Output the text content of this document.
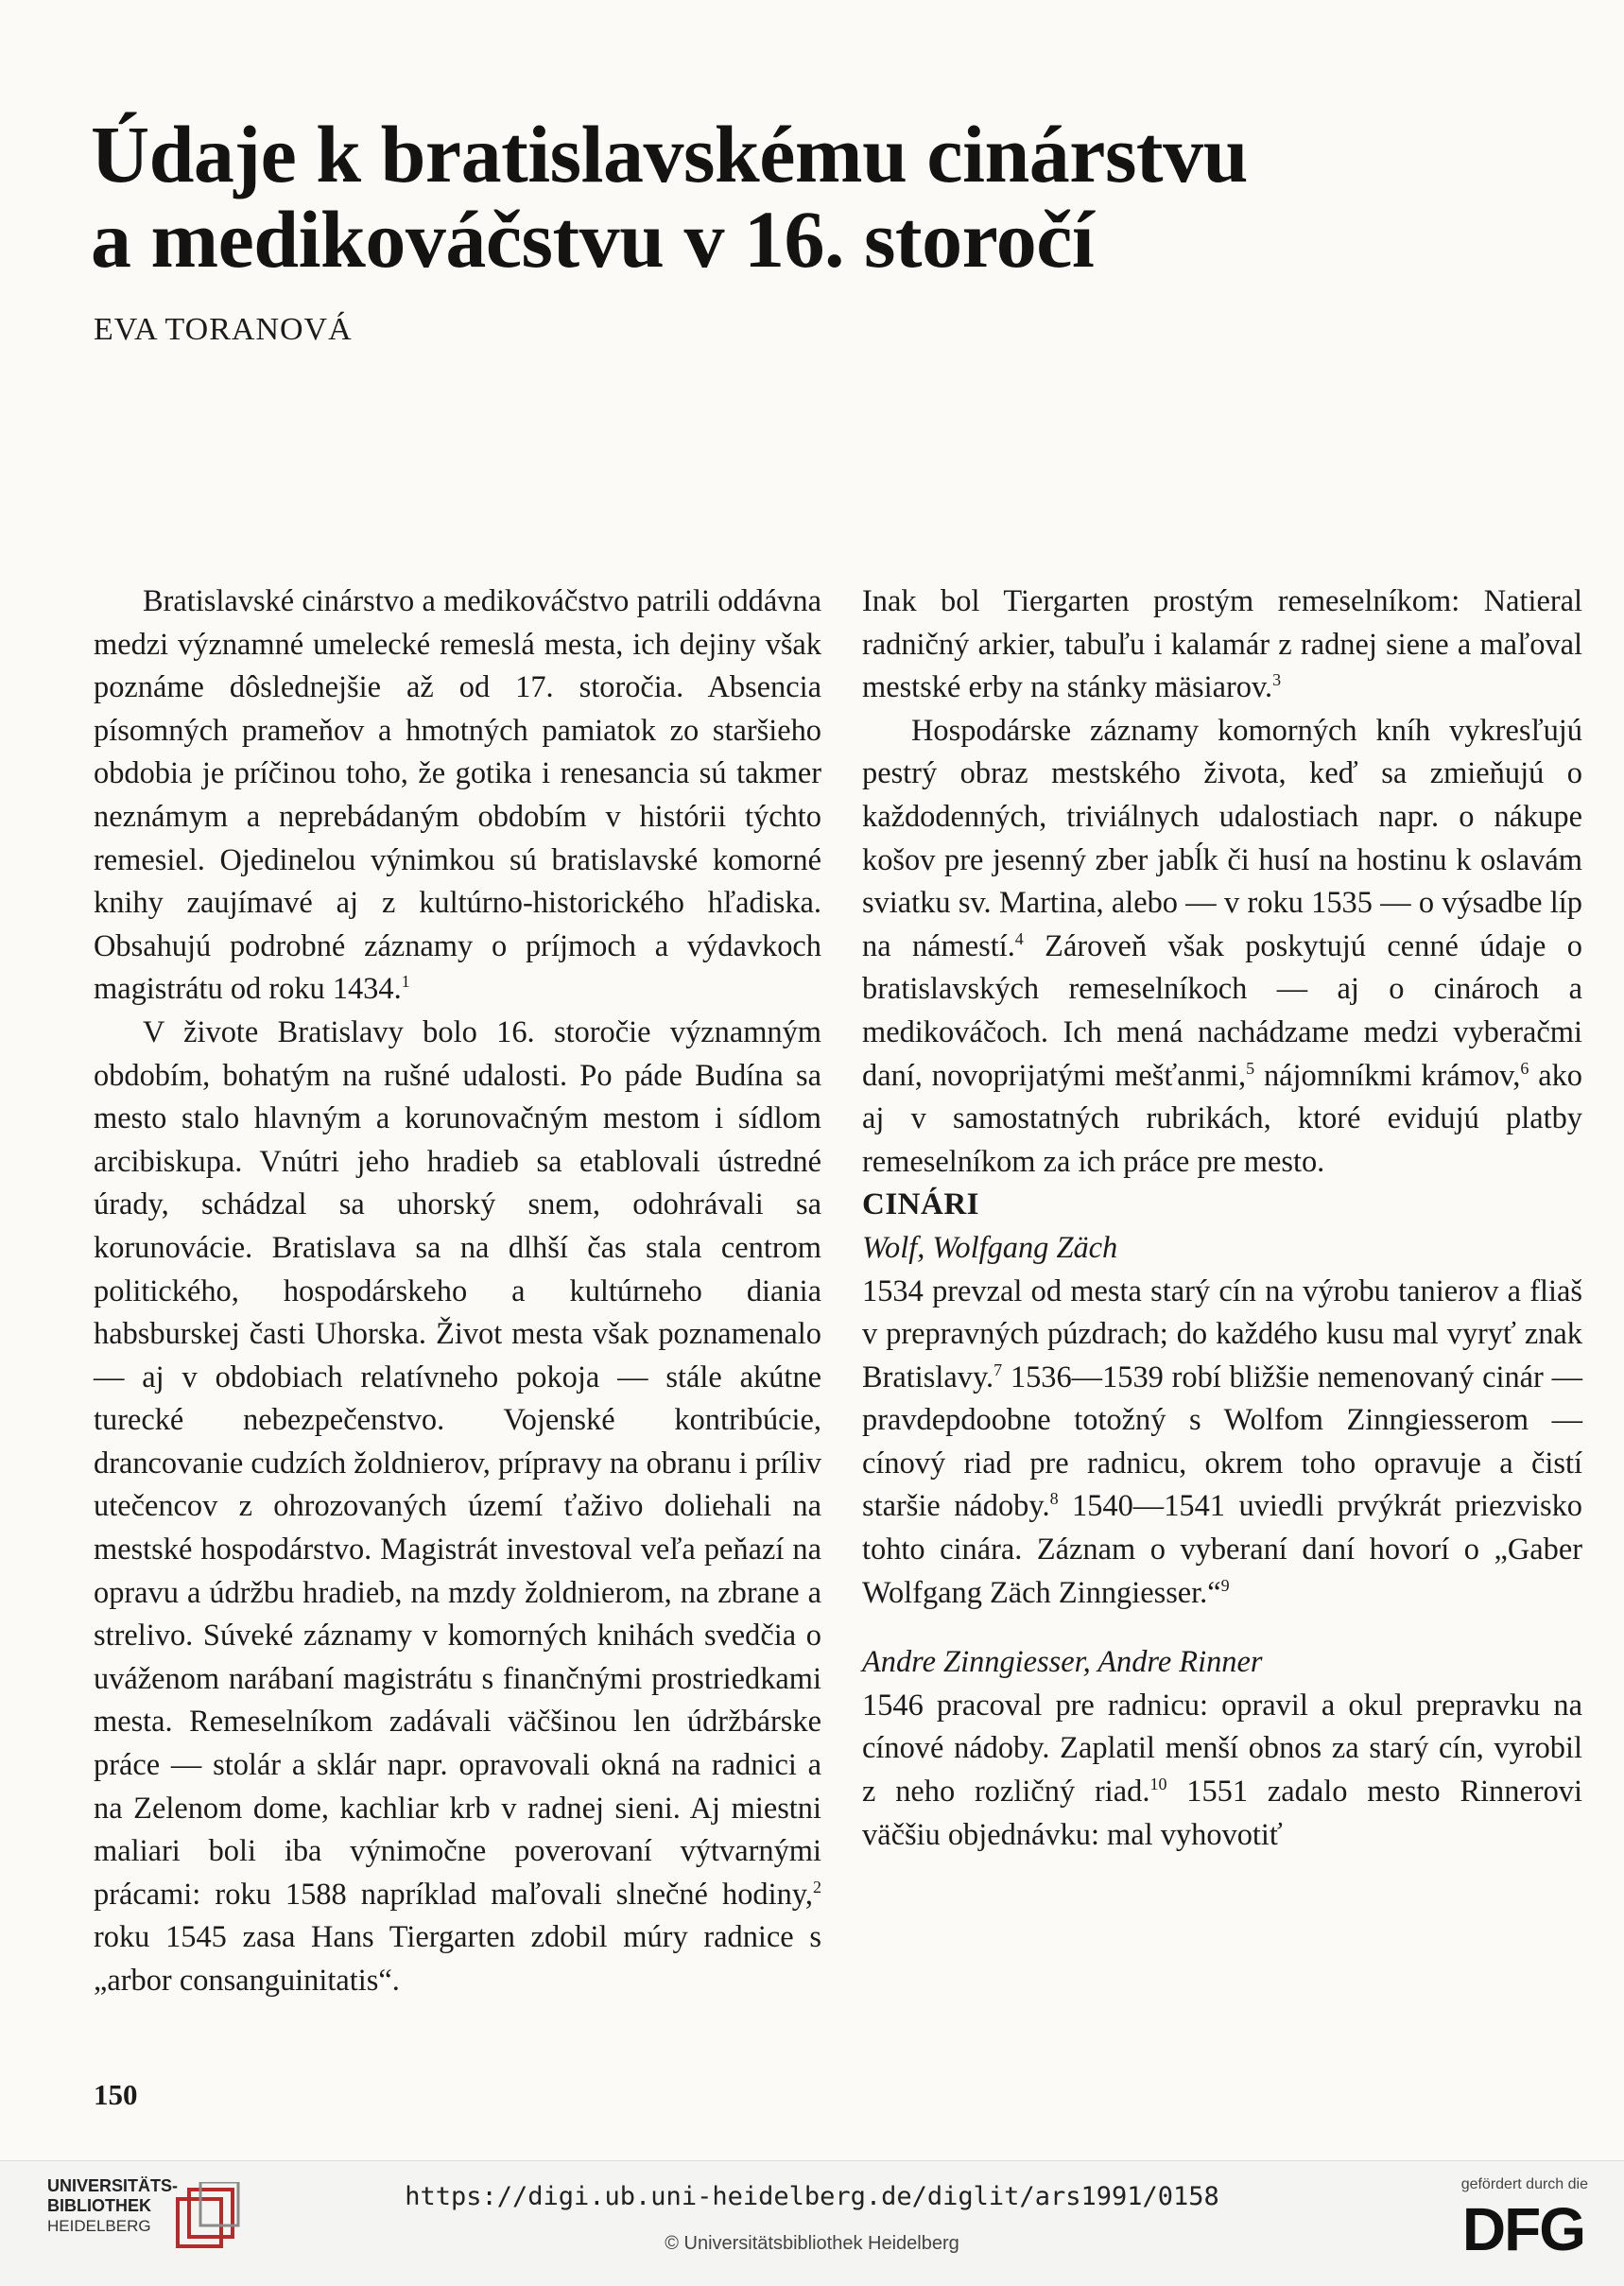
Údaje k bratislavskému cinárstvu
a medikováčstvu v 16. storočí
EVA TORANOVÁ

Bratislavské cinárstvo a medikováčstvo patrili oddávna medzi významné umelecké remeslá mesta, ich dejiny však poznáme dôslednejšie až od 17. storočia. Absencia písomných prameňov a hmotných pamiatok zo staršieho obdobia je príčinou toho, že gotika i renesancia sú takmer neznámym a neprebádaným obdobím v histórii týchto remesiel. Ojedinelou výnimkou sú bratislavské komorné knihy zaujímavé aj z kultúrno-historického hľadiska. Obsahujú podrobné záznamy o príjmoch a výdavkoch magistrátu od roku 1434.$^1$

V živote Bratislavy bolo 16. storočie významným obdobím, bohatým na rušné udalosti. Po páde Budína sa mesto stalo hlavným a korunovačným mestom i sídlom arcibiskupa. Vnútri jeho hradieb sa etablovali ústredné úrady, schádzal sa uhorský snem, odohrávali sa korunovácie. Bratislava sa na dlhší čas stala centrom politického, hospodárskeho a kultúrneho diania habsburskej časti Uhorska. Život mesta však poznamenalo — aj v obdobiach relatívneho pokoja — stále akútne turecké nebezpečenstvo. Vojenské kontribúcie, drancovanie cudzích žoldnierov, prípravy na obranu i príliv utečencov z ohrozovaných území ťaživo doliehali na mestské hospodárstvo. Magistrát investoval veľa peňazí na opravu a údržbu hradieb, na mzdy žoldnierom, na zbrane a strelivo. Súveké záznamy v komorných knihách svedčia o uváženom narábaní magistrátu s finančnými prostriedkami mesta. Remeselníkom zadávali väčšinou len údržbárske práce — stolár a sklár napr. opravovali okná na radnici a na Zelenom dome, kachliar krb v radnej sieni. Aj miestni maliari boli iba výnimočne poverovaní výtvarnými prácami: roku 1588 napríklad maľovali slnečné hodiny,$^2$ roku 1545 zasa Hans Tiergarten zdobil múry radnice s „arbor consanguinitatis“.

Inak bol Tiergarten prostým remeselníkom: Natieral radničný arkier, tabuľu i kalamár z radnej siene a maľoval mestské erby na stánky mäsiarov.$^3$

Hospodárske záznamy komorných kníh vykresľujú pestrý obraz mestského života, keď sa zmieňujú o každodenných, triviálnych udalostiach napr. o nákupe košov pre jesenný zber jabĺk či husí na hostinu k oslavám sviatku sv. Martina, alebo — v roku 1535 — o výsadbe líp na námestí.$^4$ Zároveň však poskytujú cenné údaje o bratislavských remeselníkoch — aj o cinároch a medikováčoch. Ich mená nachádzame medzi vyberačmi daní, novoprijatými mešťanmi,$^5$ nájomníkmi krámov,$^6$ ako aj v samostatných rubrikách, ktoré evidujú platby remeselníkom za ich práce pre mesto.

CINÁRI

Wolf, Wolfgang Zäch

1534 prevzal od mesta starý cín na výrobu tanierov a fliaš v prepravných púzdrach; do každého kusu mal vyryť znak Bratislavy.$^7$ 1536—1539 robí bližšie nemenovaný cinár — pravdepdoobne totožný s Wolfom Zinngiesserom — cínový riad pre radnicu, okrem toho opravuje a čistí staršie nádoby.$^8$ 1540—1541 uviedli prvýkrát priezvisko tohto cinára. Záznam o vyberaní daní hovorí o „Gaber Wolfgang Zäch Zinngiesser.“$^9$

Andre Zinngiesser, Andre Rinner

1546 pracoval pre radnicu: opravil a okul prepravku na cínové nádoby. Zaplatil menší obnos za starý cín, vyrobil z neho rozličný riad.$^{10}$ 1551 zadalo mesto Rinnerovi väčšiu objednávku: mal vyhovotiť

150
UNIVERSITÄTS-
BIBLIOTHEK
HEIDELBERG
https://digi.ub.uni-heidelberg.de/diglit/ars1991/0158
© Universitätsbibliothek Heidelberg
gefördert durch die
DFG
